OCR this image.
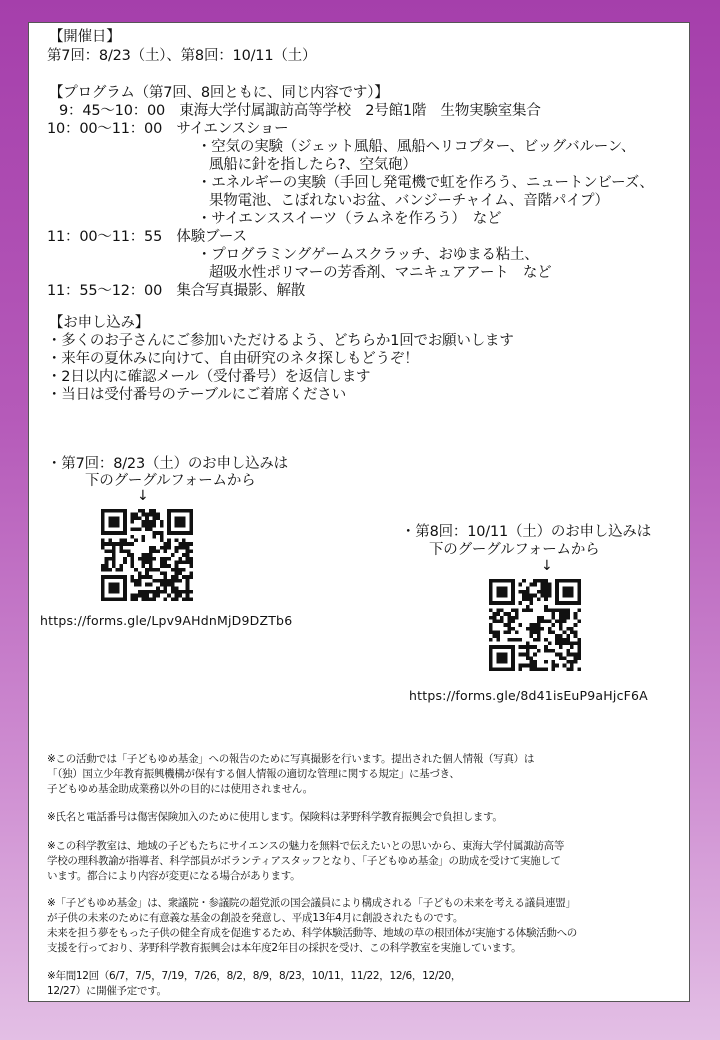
【開催日】
第7回：8/23（土）、第8回：10/11（土）
【プログラム（第7回、8回ともに、同じ内容です）】
9：45〜10：00　東海大学付属諏訪高等学校　2号館1階　生物実験室集合
10：00〜11：00　サイエンスショー
・空気の実験（ジェット風船、風船ヘリコプター、ビッグバルーン、
風船に針を指したら?、空気砲）
・エネルギーの実験（手回し発電機で虹を作ろう、ニュートンビーズ、
果物電池、こぼれないお盆、バンジーチャイム、音階パイプ）
・サイエンススイーツ（ラムネを作ろう）　など
11：00〜11：55　体験ブース
・プログラミングゲームスクラッチ、おゆまる粘土、
超吸水性ポリマーの芳香剤、マニキュアアート　など
11：55〜12：00　集合写真撮影、解散
【お申し込み】
・多くのお子さんにご参加いただけるよう、どちらか1回でお願いします
・来年の夏休みに向けて、自由研究のネタ探しもどうぞ！
・2日以内に確認メール（受付番号）を返信します
・当日は受付番号のテーブルにご着席ください
・第7回：8/23（土）のお申し込みは
下のグーグルフォームから
↓
https://forms.gle/Lpv9AHdnMjD9DZTb6
・第8回：10/11（土）のお申し込みは
下のグーグルフォームから
↓
https://forms.gle/8d41isEuP9aHjcF6A
※この活動では「子どもゆめ基金」への報告のために写真撮影を行います。提出された個人情報（写真）は
「（独）国立少年教育振興機構が保有する個人情報の適切な管理に関する規定」に基づき、
子どもゆめ基金助成業務以外の目的には使用されません。
※氏名と電話番号は傷害保険加入のために使用します。保険料は茅野科学教育振興会で負担します。
※この科学教室は、地域の子どもたちにサイエンスの魅力を無料で伝えたいとの思いから、東海大学付属諏訪高等
学校の理科教諭が指導者、科学部員がボランティアスタッフとなり、「子どもゆめ基金」の助成を受けて実施して
います。都合により内容が変更になる場合があります。
※「子どもゆめ基金」は、衆議院・参議院の超党派の国会議員により構成される「子どもの未来を考える議員連盟」
が子供の未来のために有意義な基金の創設を発意し、平成13年4月に創設されたものです。
未来を担う夢をもった子供の健全育成を促進するため、科学体験活動等、地域の草の根団体が実施する体験活動への
支援を行っており、茅野科学教育振興会は本年度2年目の採択を受け、この科学教室を実施しています。
※年間12回（6/7，7/5，7/19，7/26，8/2，8/9，8/23，10/11，11/22，12/6，12/20，
12/27）に開催予定です。
